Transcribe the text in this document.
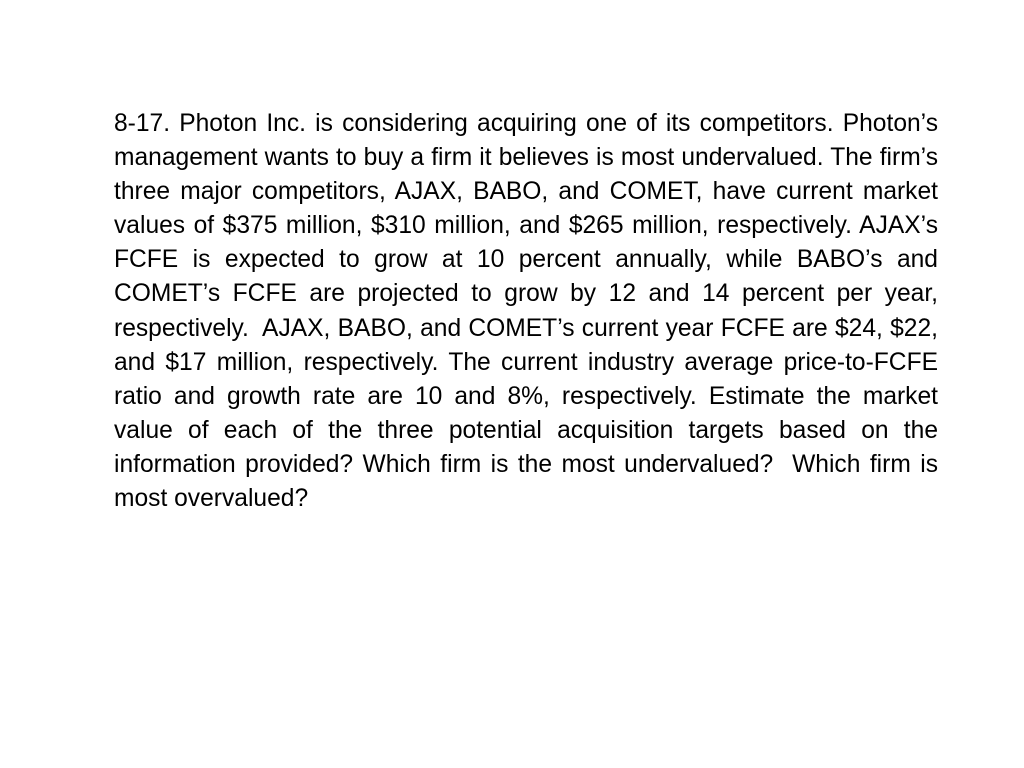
8-17. Photon Inc. is considering acquiring one of its competitors. Photon’s management wants to buy a firm it believes is most undervalued. The firm’s three major competitors, AJAX, BABO, and COMET, have current market values of $375 million, $310 million, and $265 million, respectively. AJAX’s FCFE is expected to grow at 10 percent annually, while BABO’s and COMET’s FCFE are projected to grow by 12 and 14 percent per year, respectively.  AJAX, BABO, and COMET’s current year FCFE are $24, $22, and $17 million, respectively. The current industry average price-to-FCFE ratio and growth rate are 10 and 8%, respectively. Estimate the market value of each of the three potential acquisition targets based on the information provided? Which firm is the most undervalued?  Which firm is most overvalued?
